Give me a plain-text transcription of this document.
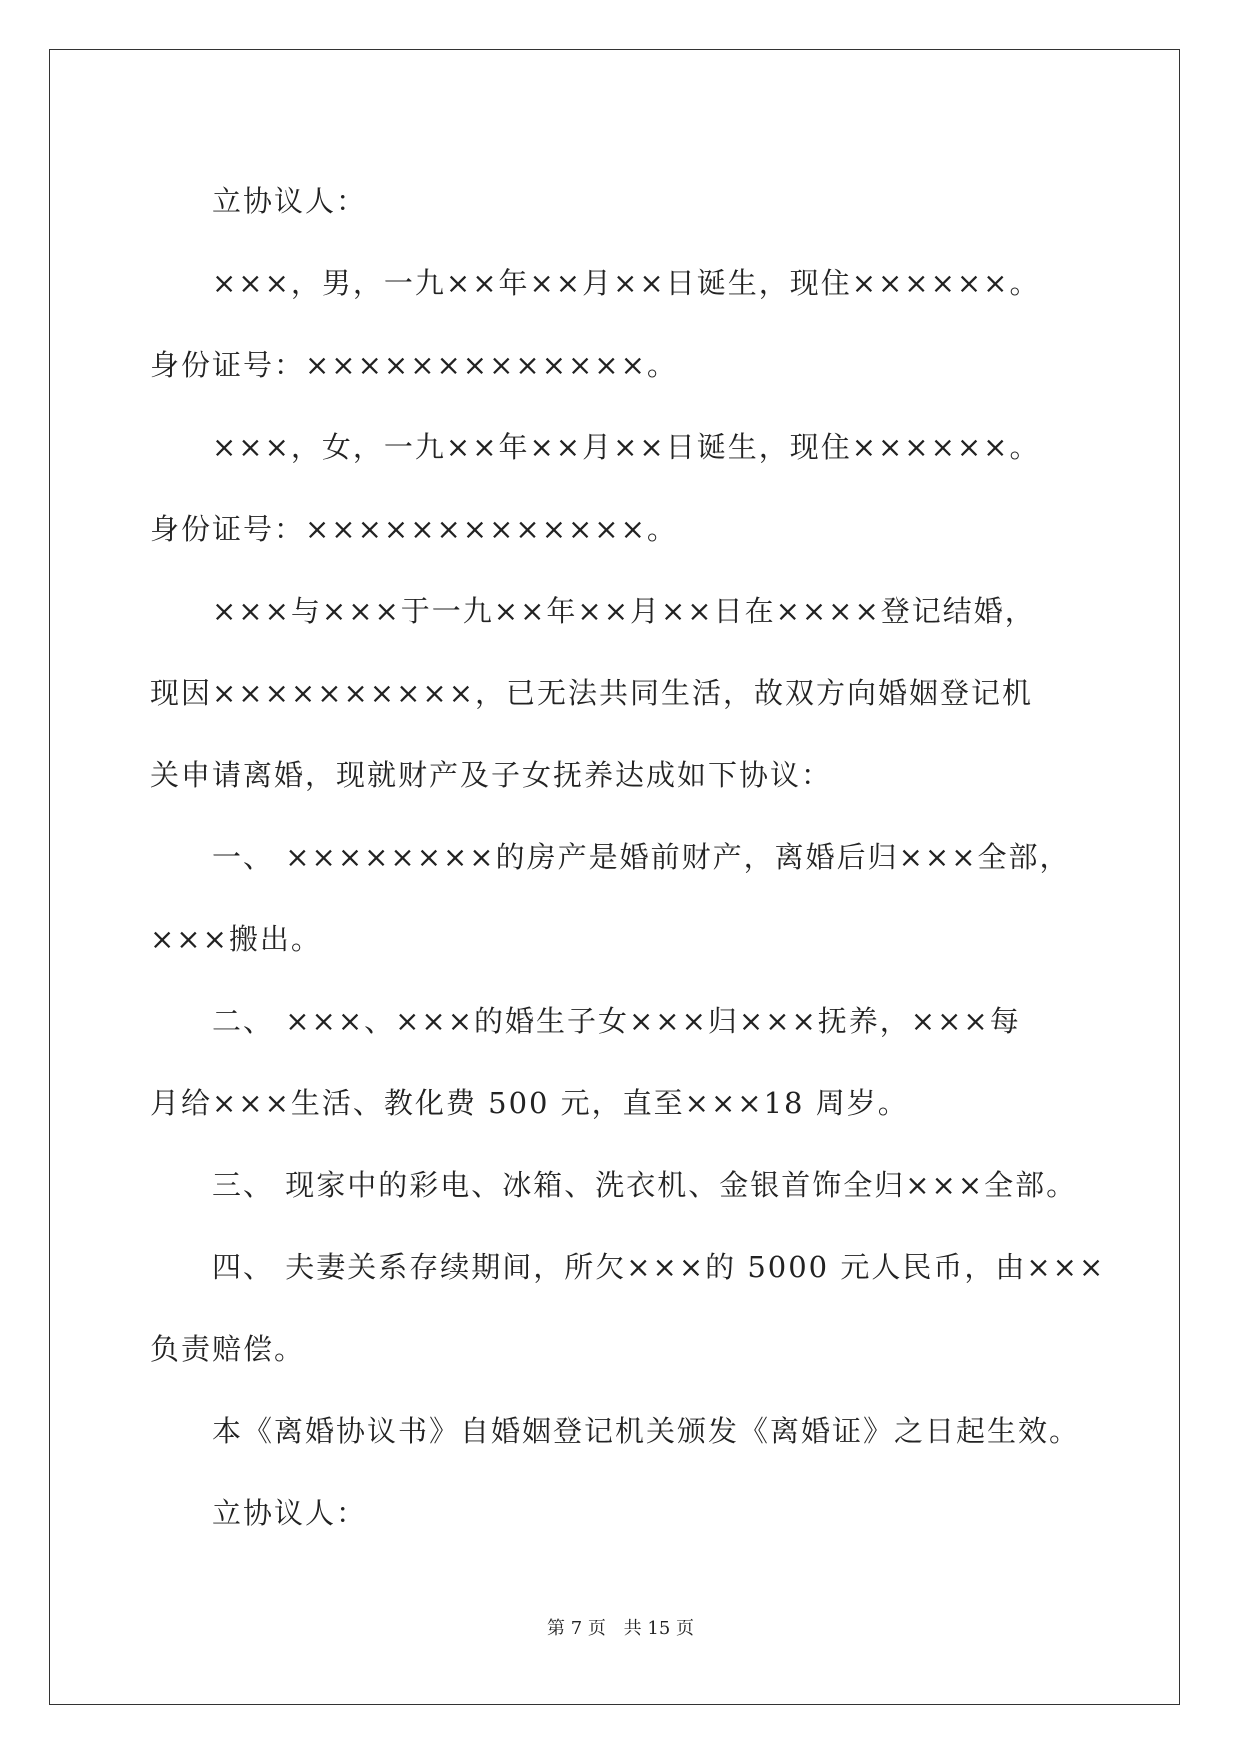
立协议人：
×××，男，一九××年××月××日诞生，现住××××××。
身份证号：×××××××××××××。
×××，女，一九××年××月××日诞生，现住××××××。
身份证号：×××××××××××××。
×××与×××于一九××年××月××日在××××登记结婚，
现因××××××××××，已无法共同生活，故双方向婚姻登记机
关申请离婚，现就财产及子女抚养达成如下协议：
一、 ××××××××的房产是婚前财产，离婚后归×××全部，
×××搬出。
二、 ×××、×××的婚生子女×××归×××抚养，×××每
月给×××生活、教化费 500 元，直至×××18 周岁。
三、 现家中的彩电、冰箱、洗衣机、金银首饰全归×××全部。
四、 夫妻关系存续期间，所欠×××的 5000 元人民币，由×××
负责赔偿。
本《离婚协议书》自婚姻登记机关颁发《离婚证》之日起生效。
立协议人：
第 7 页 共 15 页
